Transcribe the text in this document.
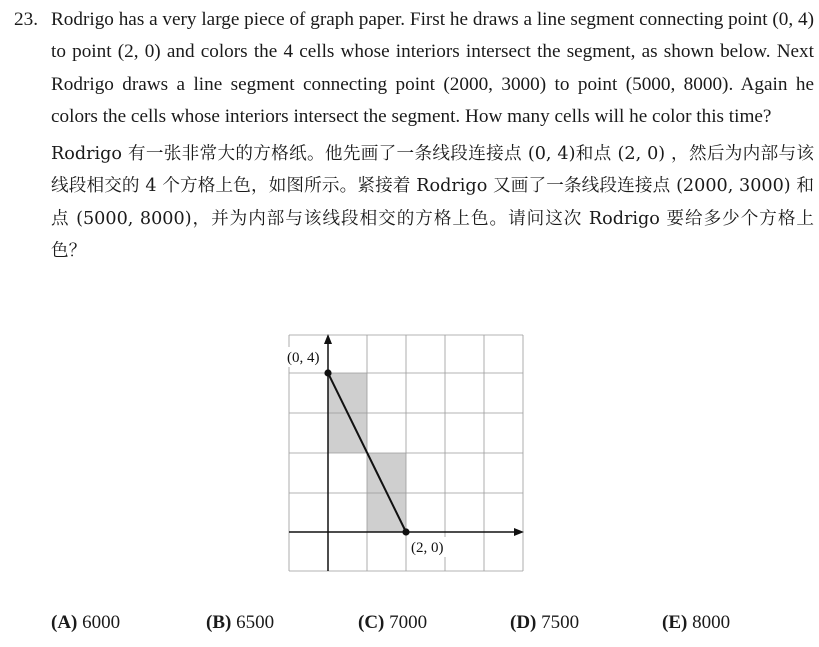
23. Rodrigo has a very large piece of graph paper. First he draws a line segment connecting point (0, 4) to point (2, 0) and colors the 4 cells whose interiors intersect the segment, as shown below. Next Rodrigo draws a line segment connecting point (2000, 3000) to point (5000, 8000). Again he colors the cells whose interiors intersect the segment. How many cells will he color this time?

Rodrigo 有一张非常大的方格纸。他先画了一条线段连接点 (0, 4)和点 (2, 0) ，然后为内部与该线段相交的 4 个方格上色，如图所示。紧接着 Rodrigo 又画了一条线段连接点 (2000, 3000) 和点 (5000, 8000)，并为内部与该线段相交的方格上色。请问这次 Rodrigo 要给多少个方格上色？

(0, 4)
(2, 0)
(A) 6000	(B) 6500	(C) 7000	(D) 7500	(E) 8000
